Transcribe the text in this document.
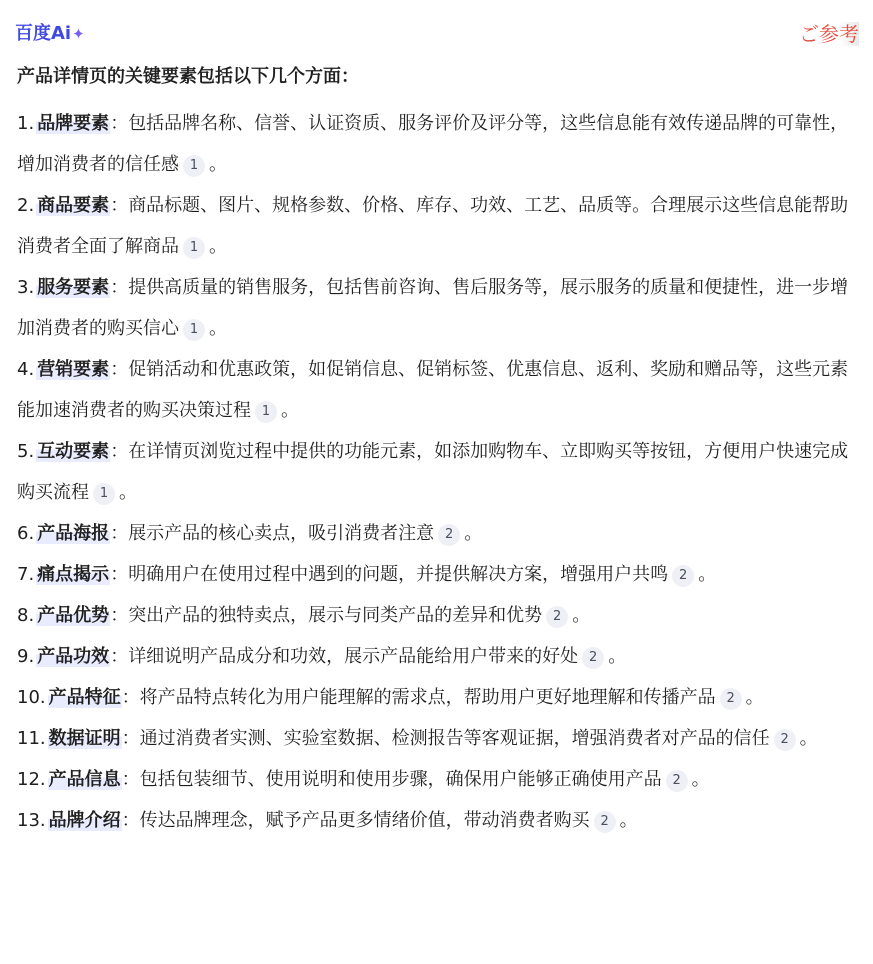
百度Ai✦	ご参考

产品详情页的关键要素包括以下几个方面：

1. 品牌要素：包括品牌名称、信誉、认证资质、服务评价及评分等，这些信息能有效传递品牌的可靠性，增加消费者的信任感 1 。

2. 商品要素：商品标题、图片、规格参数、价格、库存、功效、工艺、品质等。合理展示这些信息能帮助消费者全面了解商品 1 。

3. 服务要素：提供高质量的销售服务，包括售前咨询、售后服务等，展示服务的质量和便捷性，进一步增加消费者的购买信心 1 。

4. 营销要素：促销活动和优惠政策，如促销信息、促销标签、优惠信息、返利、奖励和赠品等，这些元素能加速消费者的购买决策过程 1 。

5. 互动要素：在详情页浏览过程中提供的功能元素，如添加购物车、立即购买等按钮，方便用户快速完成购买流程 1 。

6. 产品海报：展示产品的核心卖点，吸引消费者注意 2 。

7. 痛点揭示：明确用户在使用过程中遇到的问题，并提供解决方案，增强用户共鸣 2 。

8. 产品优势：突出产品的独特卖点，展示与同类产品的差异和优势 2 。

9. 产品功效：详细说明产品成分和功效，展示产品能给用户带来的好处 2 。

10. 产品特征：将产品特点转化为用户能理解的需求点，帮助用户更好地理解和传播产品 2 。

11. 数据证明：通过消费者实测、实验室数据、检测报告等客观证据，增强消费者对产品的信任 2 。

12. 产品信息：包括包装细节、使用说明和使用步骤，确保用户能够正确使用产品 2 。

13. 品牌介绍：传达品牌理念，赋予产品更多情绪价值，带动消费者购买 2 。
